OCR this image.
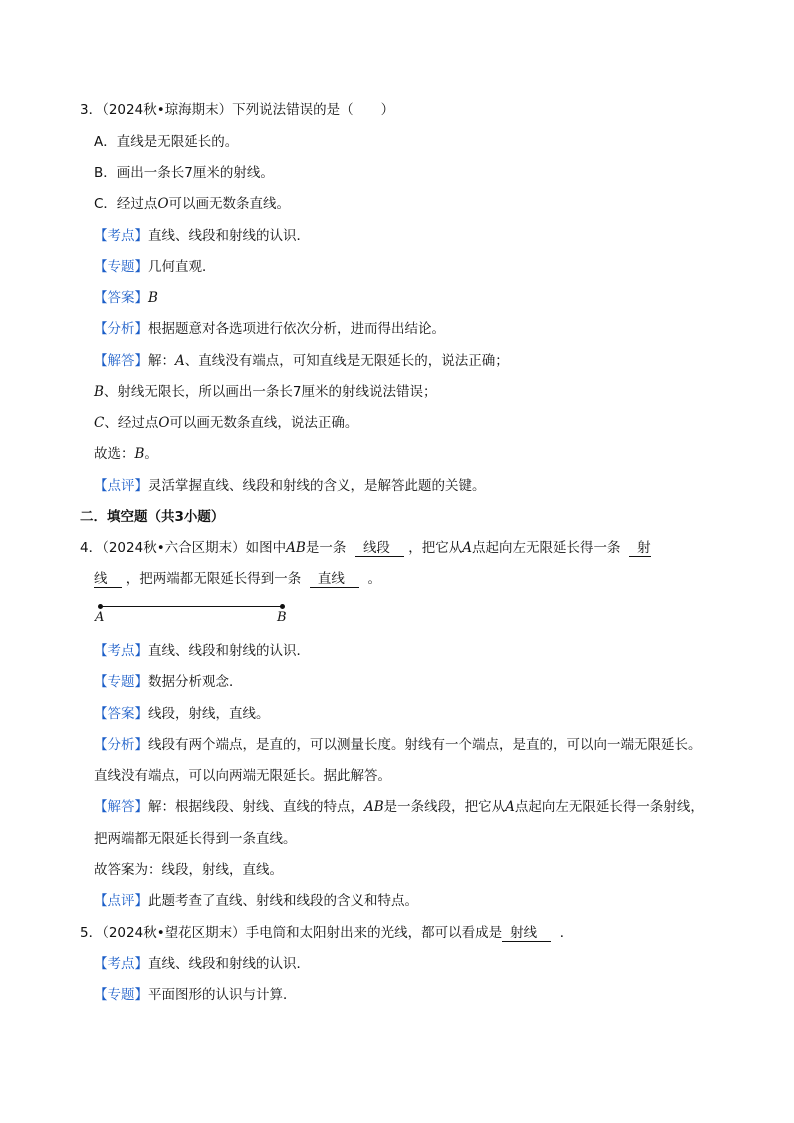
3．（2024秋•琼海期末）下列说法错误的是（　　）
A．直线是无限延长的。
B．画出一条长7厘米的射线。
C．经过点O可以画无数条直线。
【考点】直线、线段和射线的认识．
【专题】几何直观．
【答案】B
【分析】根据题意对各选项进行依次分析，进而得出结论。
【解答】解：A、直线没有端点，可知直线是无限延长的，说法正确；
B、射线无限长，所以画出一条长7厘米的射线说法错误；
C、经过点O可以画无数条直线，说法正确。
故选：B。
【点评】灵活掌握直线、线段和射线的含义，是解答此题的关键。
二．填空题（共3小题）
4．（2024秋•六合区期末）如图中AB是一条 线段 ，把它从A点起向左无限延长得一条 射
线 ，把两端都无限延长得到一条 直线 。
A	B
【考点】直线、线段和射线的认识．
【专题】数据分析观念．
【答案】线段，射线，直线。
【分析】线段有两个端点，是直的，可以测量长度。射线有一个端点，是直的，可以向一端无限延长。
直线没有端点，可以向两端无限延长。据此解答。
【解答】解：根据线段、射线、直线的特点，AB是一条线段，把它从A点起向左无限延长得一条射线，
把两端都无限延长得到一条直线。
故答案为：线段，射线，直线。
【点评】此题考查了直线、射线和线段的含义和特点。
5．（2024秋•望花区期末）手电筒和太阳射出来的光线，都可以看成是 射线 ．
【考点】直线、线段和射线的认识．
【专题】平面图形的认识与计算．
